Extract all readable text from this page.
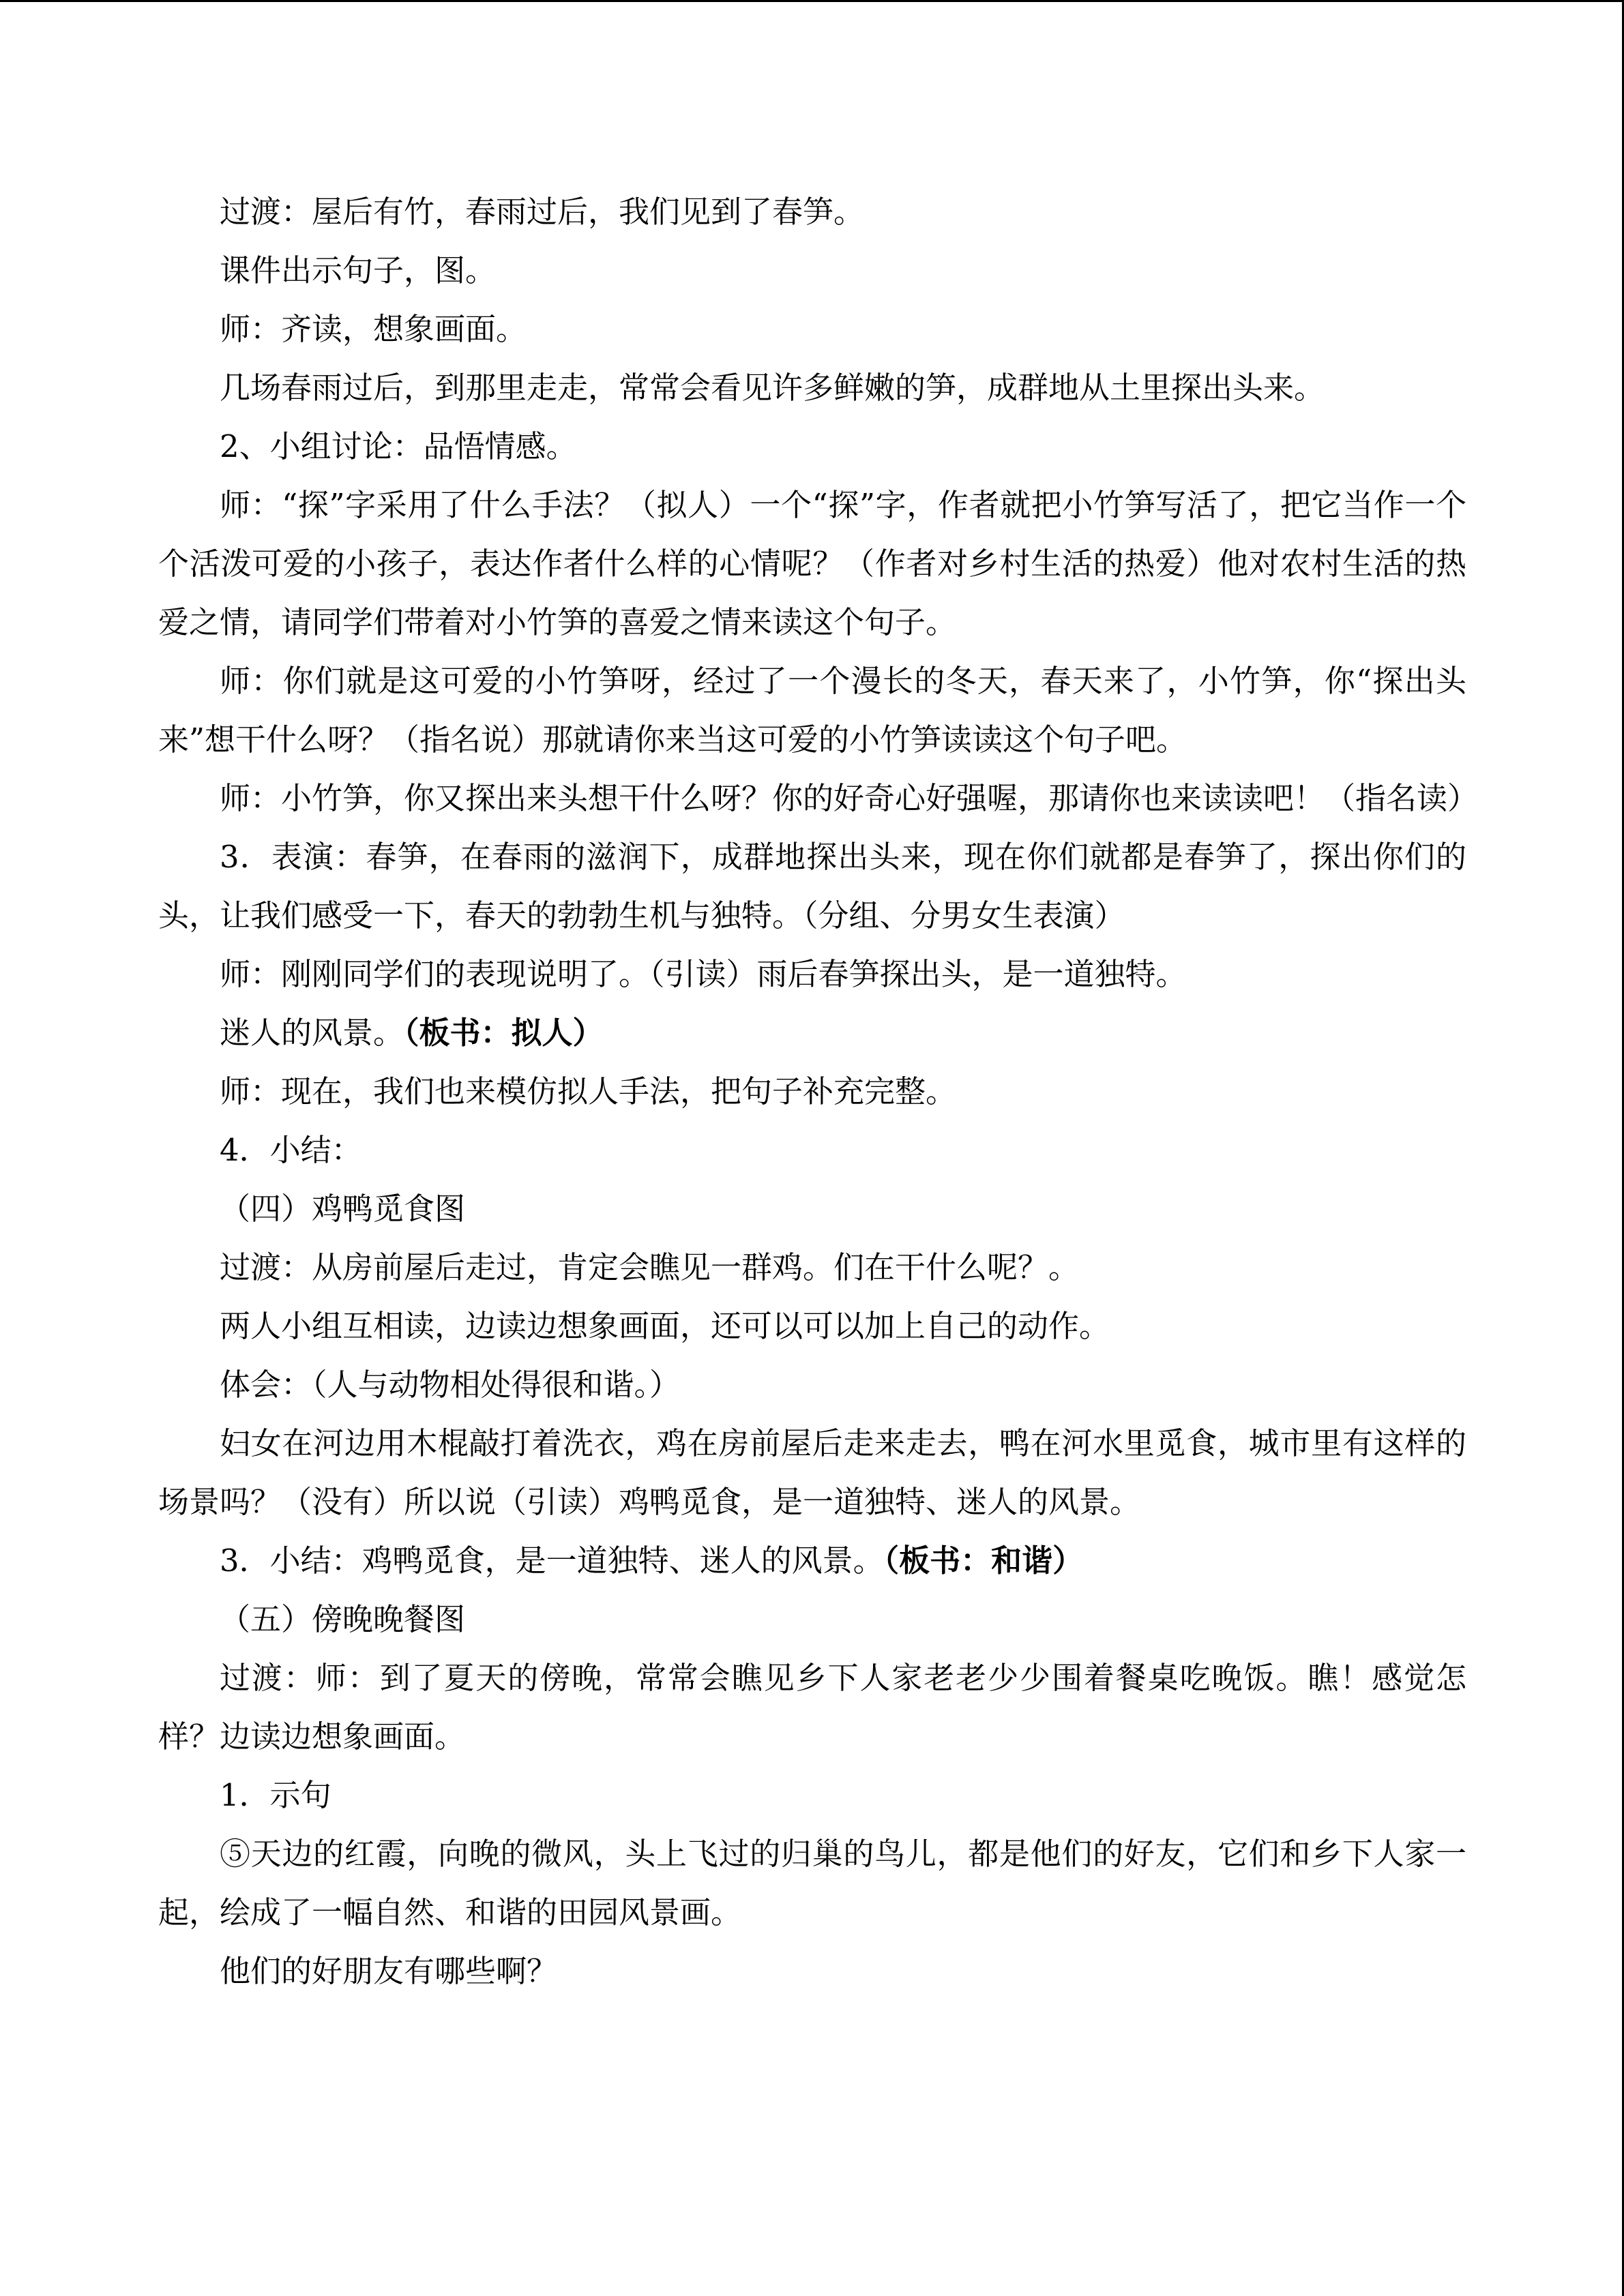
过渡：屋后有竹，春雨过后，我们见到了春笋。

课件出示句子，图。

师：齐读，想象画面。

几场春雨过后，到那里走走，常常会看见许多鲜嫩的笋，成群地从土里探出头来。

2、小组讨论：品悟情感。

师：“探”字采用了什么手法？（拟人）一个“探”字，作者就把小竹笋写活了，把它当作一个个活泼可爱的小孩子，表达作者什么样的心情呢？（作者对乡村生活的热爱）他对农村生活的热爱之情，请同学们带着对小竹笋的喜爱之情来读这个句子。

师：你们就是这可爱的小竹笋呀，经过了一个漫长的冬天，春天来了，小竹笋，你“探出头来”想干什么呀？（指名说）那就请你来当这可爱的小竹笋读读这个句子吧。

师：小竹笋，你又探出来头想干什么呀？你的好奇心好强喔，那请你也来读读吧！（指名读）

3．表演：春笋，在春雨的滋润下，成群地探出头来，现在你们就都是春笋了，探出你们的头，让我们感受一下，春天的勃勃生机与独特。（分组、分男女生表演）

师：刚刚同学们的表现说明了。（引读）雨后春笋探出头，是一道独特。

迷人的风景。（板书：拟人）

师：现在，我们也来模仿拟人手法，把句子补充完整。

4．小结：

（四）鸡鸭觅食图

过渡：从房前屋后走过，肯定会瞧见一群鸡。们在干什么呢？。

两人小组互相读，边读边想象画面，还可以可以加上自己的动作。

体会：（人与动物相处得很和谐。）

妇女在河边用木棍敲打着洗衣，鸡在房前屋后走来走去，鸭在河水里觅食，城市里有这样的场景吗？（没有）所以说（引读）鸡鸭觅食，是一道独特、迷人的风景。

3．小结：鸡鸭觅食，是一道独特、迷人的风景。（板书：和谐）

（五）傍晚晚餐图

过渡：师：到了夏天的傍晚，常常会瞧见乡下人家老老少少围着餐桌吃晚饭。瞧！感觉怎样？边读边想象画面。

1．示句

⑤天边的红霞，向晚的微风，头上飞过的归巢的鸟儿，都是他们的好友，它们和乡下人家一起，绘成了一幅自然、和谐的田园风景画。

他们的好朋友有哪些啊？
